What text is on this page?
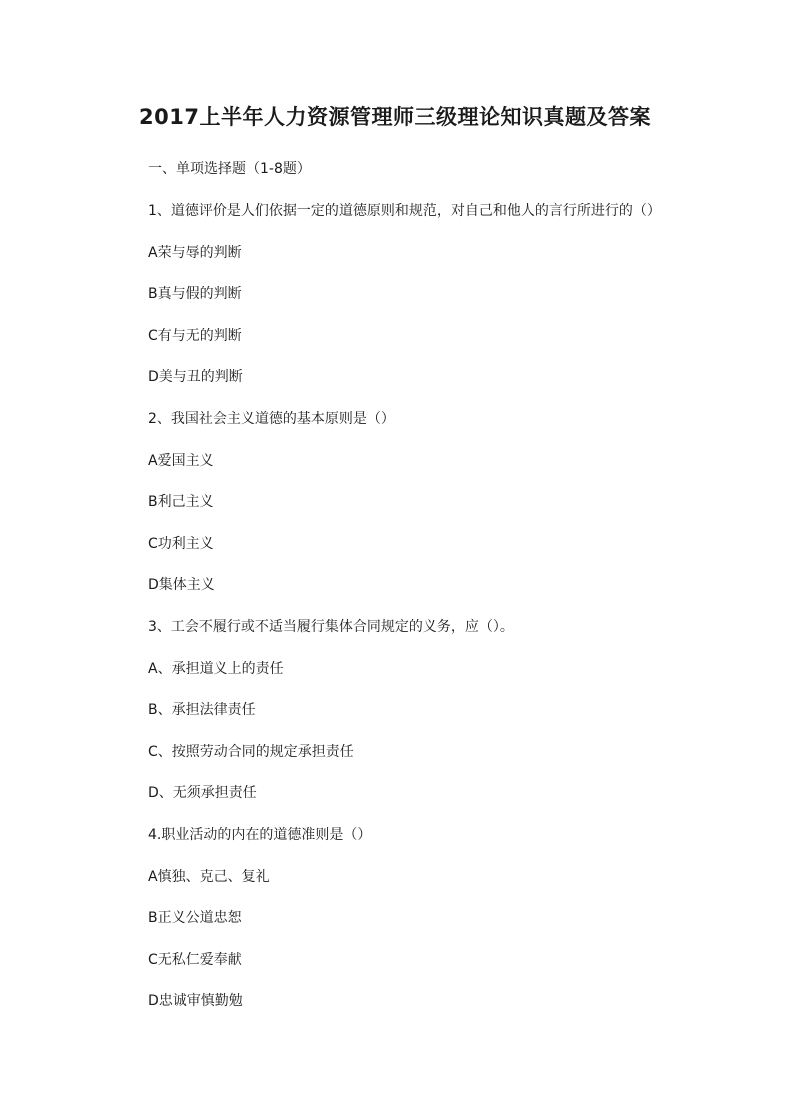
2017上半年人力资源管理师三级理论知识真题及答案

一、单项选择题（1-8题）

1、道德评价是人们依据一定的道德原则和规范，对自己和他人的言行所进行的（）

A荣与辱的判断

B真与假的判断

C有与无的判断

D美与丑的判断

2、我国社会主义道德的基本原则是（）

A爱国主义

B利己主义

C功利主义

D集体主义

3、工会不履行或不适当履行集体合同规定的义务，应（）。

A、承担道义上的责任

B、承担法律责任

C、按照劳动合同的规定承担责任

D、无须承担责任

4.职业活动的内在的道德准则是（）

A慎独、克己、复礼

B正义公道忠恕

C无私仁爱奉献

D忠诚审慎勤勉
